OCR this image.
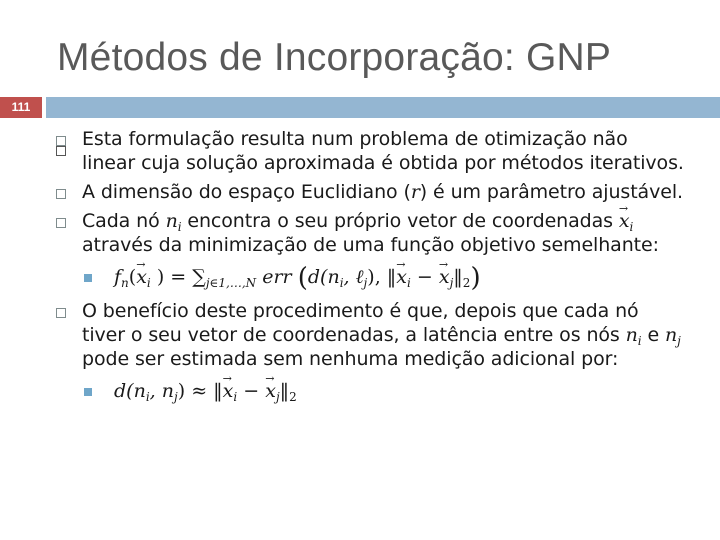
Métodos de Incorporação: GNP
111
Esta formulação resulta num problema de otimização não linear cuja solução aproximada é obtida por métodos iterativos.
A dimensão do espaço Euclidiano (r) é um parâmetro ajustável.
Cada nó $n_i$ encontra o seu próprio vetor de coordenadas → $x_i$ através da minimização de uma função objetivo semelhante:
$f_n(\to x_i$ ) = $\sum_{j\in 1,\dots,N}$ err ($d(n_i$, ℓ$_j$), ‖→ $x_i$ − → $x_j‖_2$)
O benefício deste procedimento é que, depois que cada nó tiver o seu vetor de coordenadas, a latência entre os nós $n_i$ e $n_j$ pode ser estimada sem nenhuma medição adicional por:
$d(n_i$, $n_j$) ≈ ‖→ $x_i$ − → $x_j‖_2$
